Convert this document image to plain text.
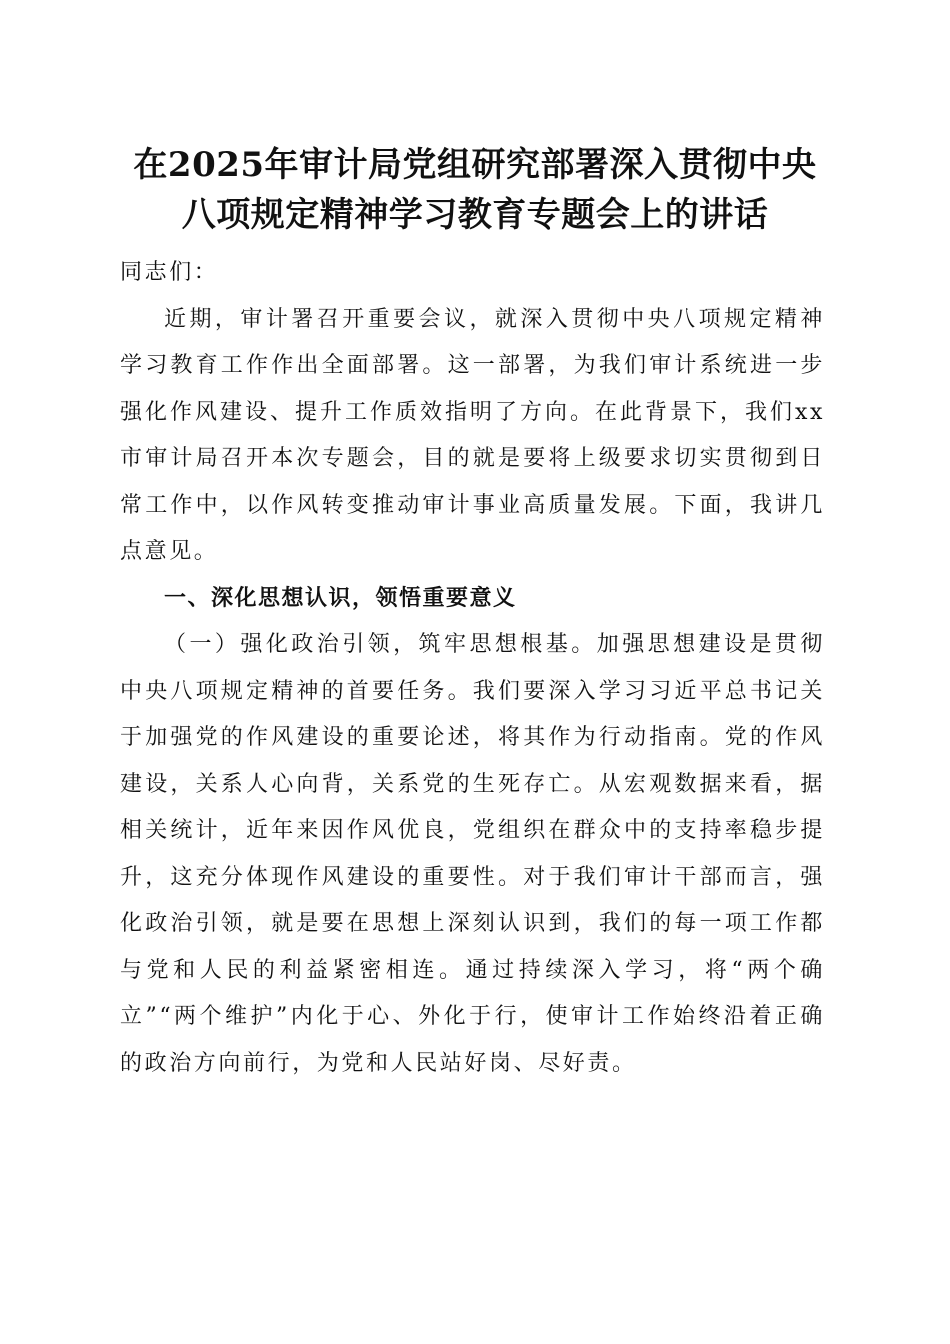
在2025年审计局党组研究部署深入贯彻中央
八项规定精神学习教育专题会上的讲话

同志们：

近期，审计署召开重要会议，就深入贯彻中央八项规定精神学习教育工作作出全面部署。这一部署，为我们审计系统进一步强化作风建设、提升工作质效指明了方向。在此背景下，我们xx市审计局召开本次专题会，目的就是要将上级要求切实贯彻到日常工作中，以作风转变推动审计事业高质量发展。下面，我讲几点意见。

一、深化思想认识，领悟重要意义

（一）强化政治引领，筑牢思想根基。加强思想建设是贯彻中央八项规定精神的首要任务。我们要深入学习习近平总书记关于加强党的作风建设的重要论述，将其作为行动指南。党的作风建设，关系人心向背，关系党的生死存亡。从宏观数据来看，据相关统计，近年来因作风优良，党组织在群众中的支持率稳步提升，这充分体现作风建设的重要性。对于我们审计干部而言，强化政治引领，就是要在思想上深刻认识到，我们的每一项工作都与党和人民的利益紧密相连。通过持续深入学习，将“两个确立”“两个维护”内化于心、外化于行，使审计工作始终沿着正确的政治方向前行，为党和人民站好岗、尽好责。
